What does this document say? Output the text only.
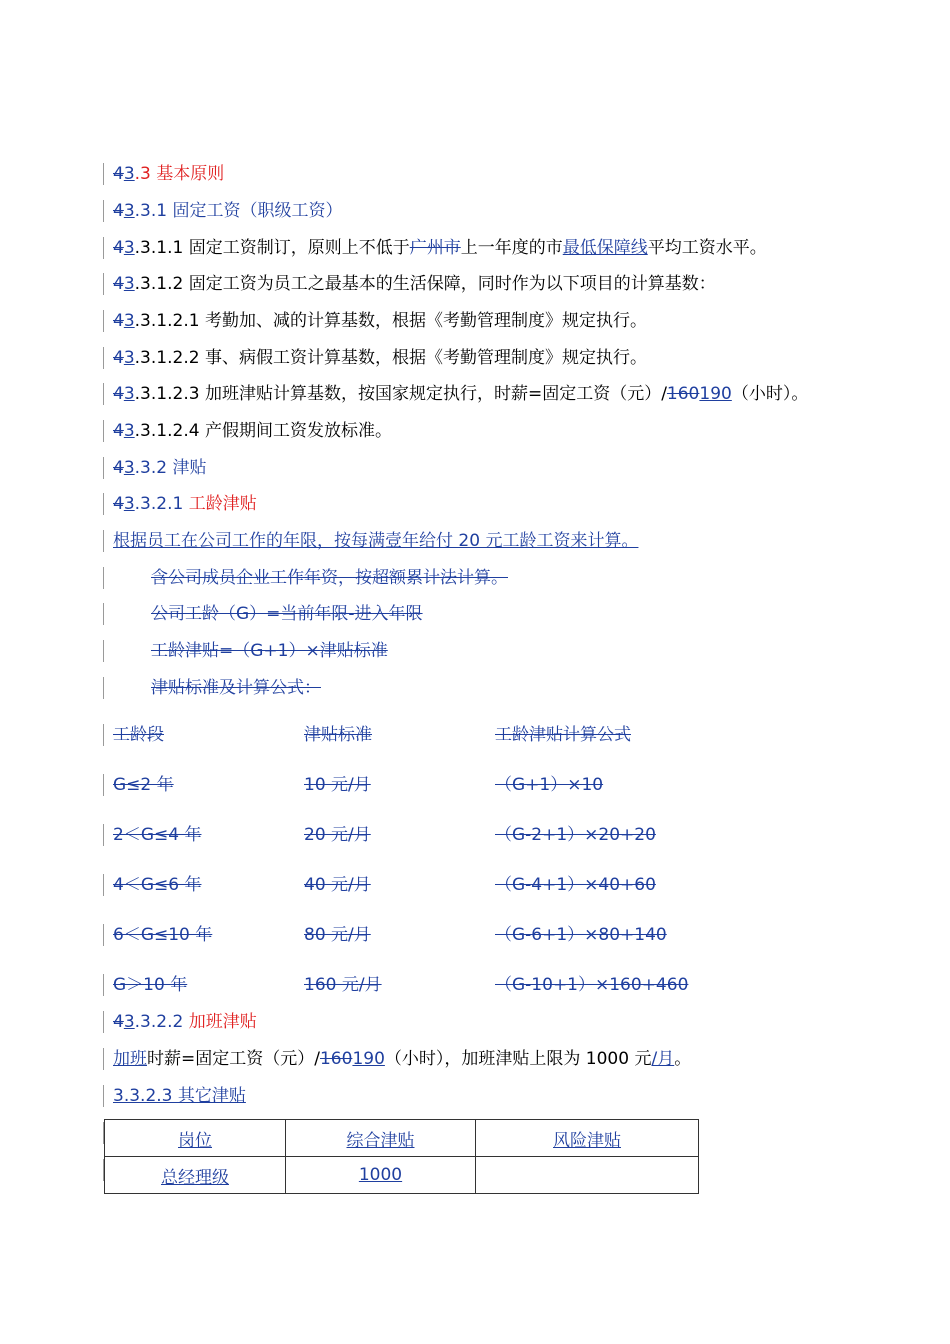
43.3 基本原则
43.3.1 固定工资（职级工资）
43.3.1.1 固定工资制订，原则上不低于广州市上一年度的市最低保障线平均工资水平。
43.3.1.2 固定工资为员工之最基本的生活保障，同时作为以下项目的计算基数：
43.3.1.2.1 考勤加、减的计算基数，根据《考勤管理制度》规定执行。
43.3.1.2.2 事、病假工资计算基数，根据《考勤管理制度》规定执行。
43.3.1.2.3 加班津贴计算基数，按国家规定执行，时薪=固定工资（元）/160190（小时）。
43.3.1.2.4 产假期间工资发放标准。
43.3.2 津贴
43.3.2.1 工龄津贴
根据员工在公司工作的年限，按每满壹年给付 20 元工龄工资来计算。
含公司成员企业工作年资，按超额累计法计算。
公司工龄（G）=当前年限-进入年限
工龄津贴=（G+1）×津贴标准
津贴标准及计算公式：
工龄段	津贴标准	工龄津贴计算公式
G≤2 年	10 元/月	（G+1）×10
2＜G≤4 年	20 元/月	（G-2+1）×20+20
4＜G≤6 年	40 元/月	（G-4+1）×40+60
6＜G≤10 年	80 元/月	（G-6+1）×80+140
G＞10 年	160 元/月	（G-10+1）×160+460
43.3.2.2 加班津贴
加班时薪=固定工资（元）/160190（小时），加班津贴上限为 1000 元/月。
3.3.2.3 其它津贴
岗位	综合津贴	风险津贴
总经理级	1000	
